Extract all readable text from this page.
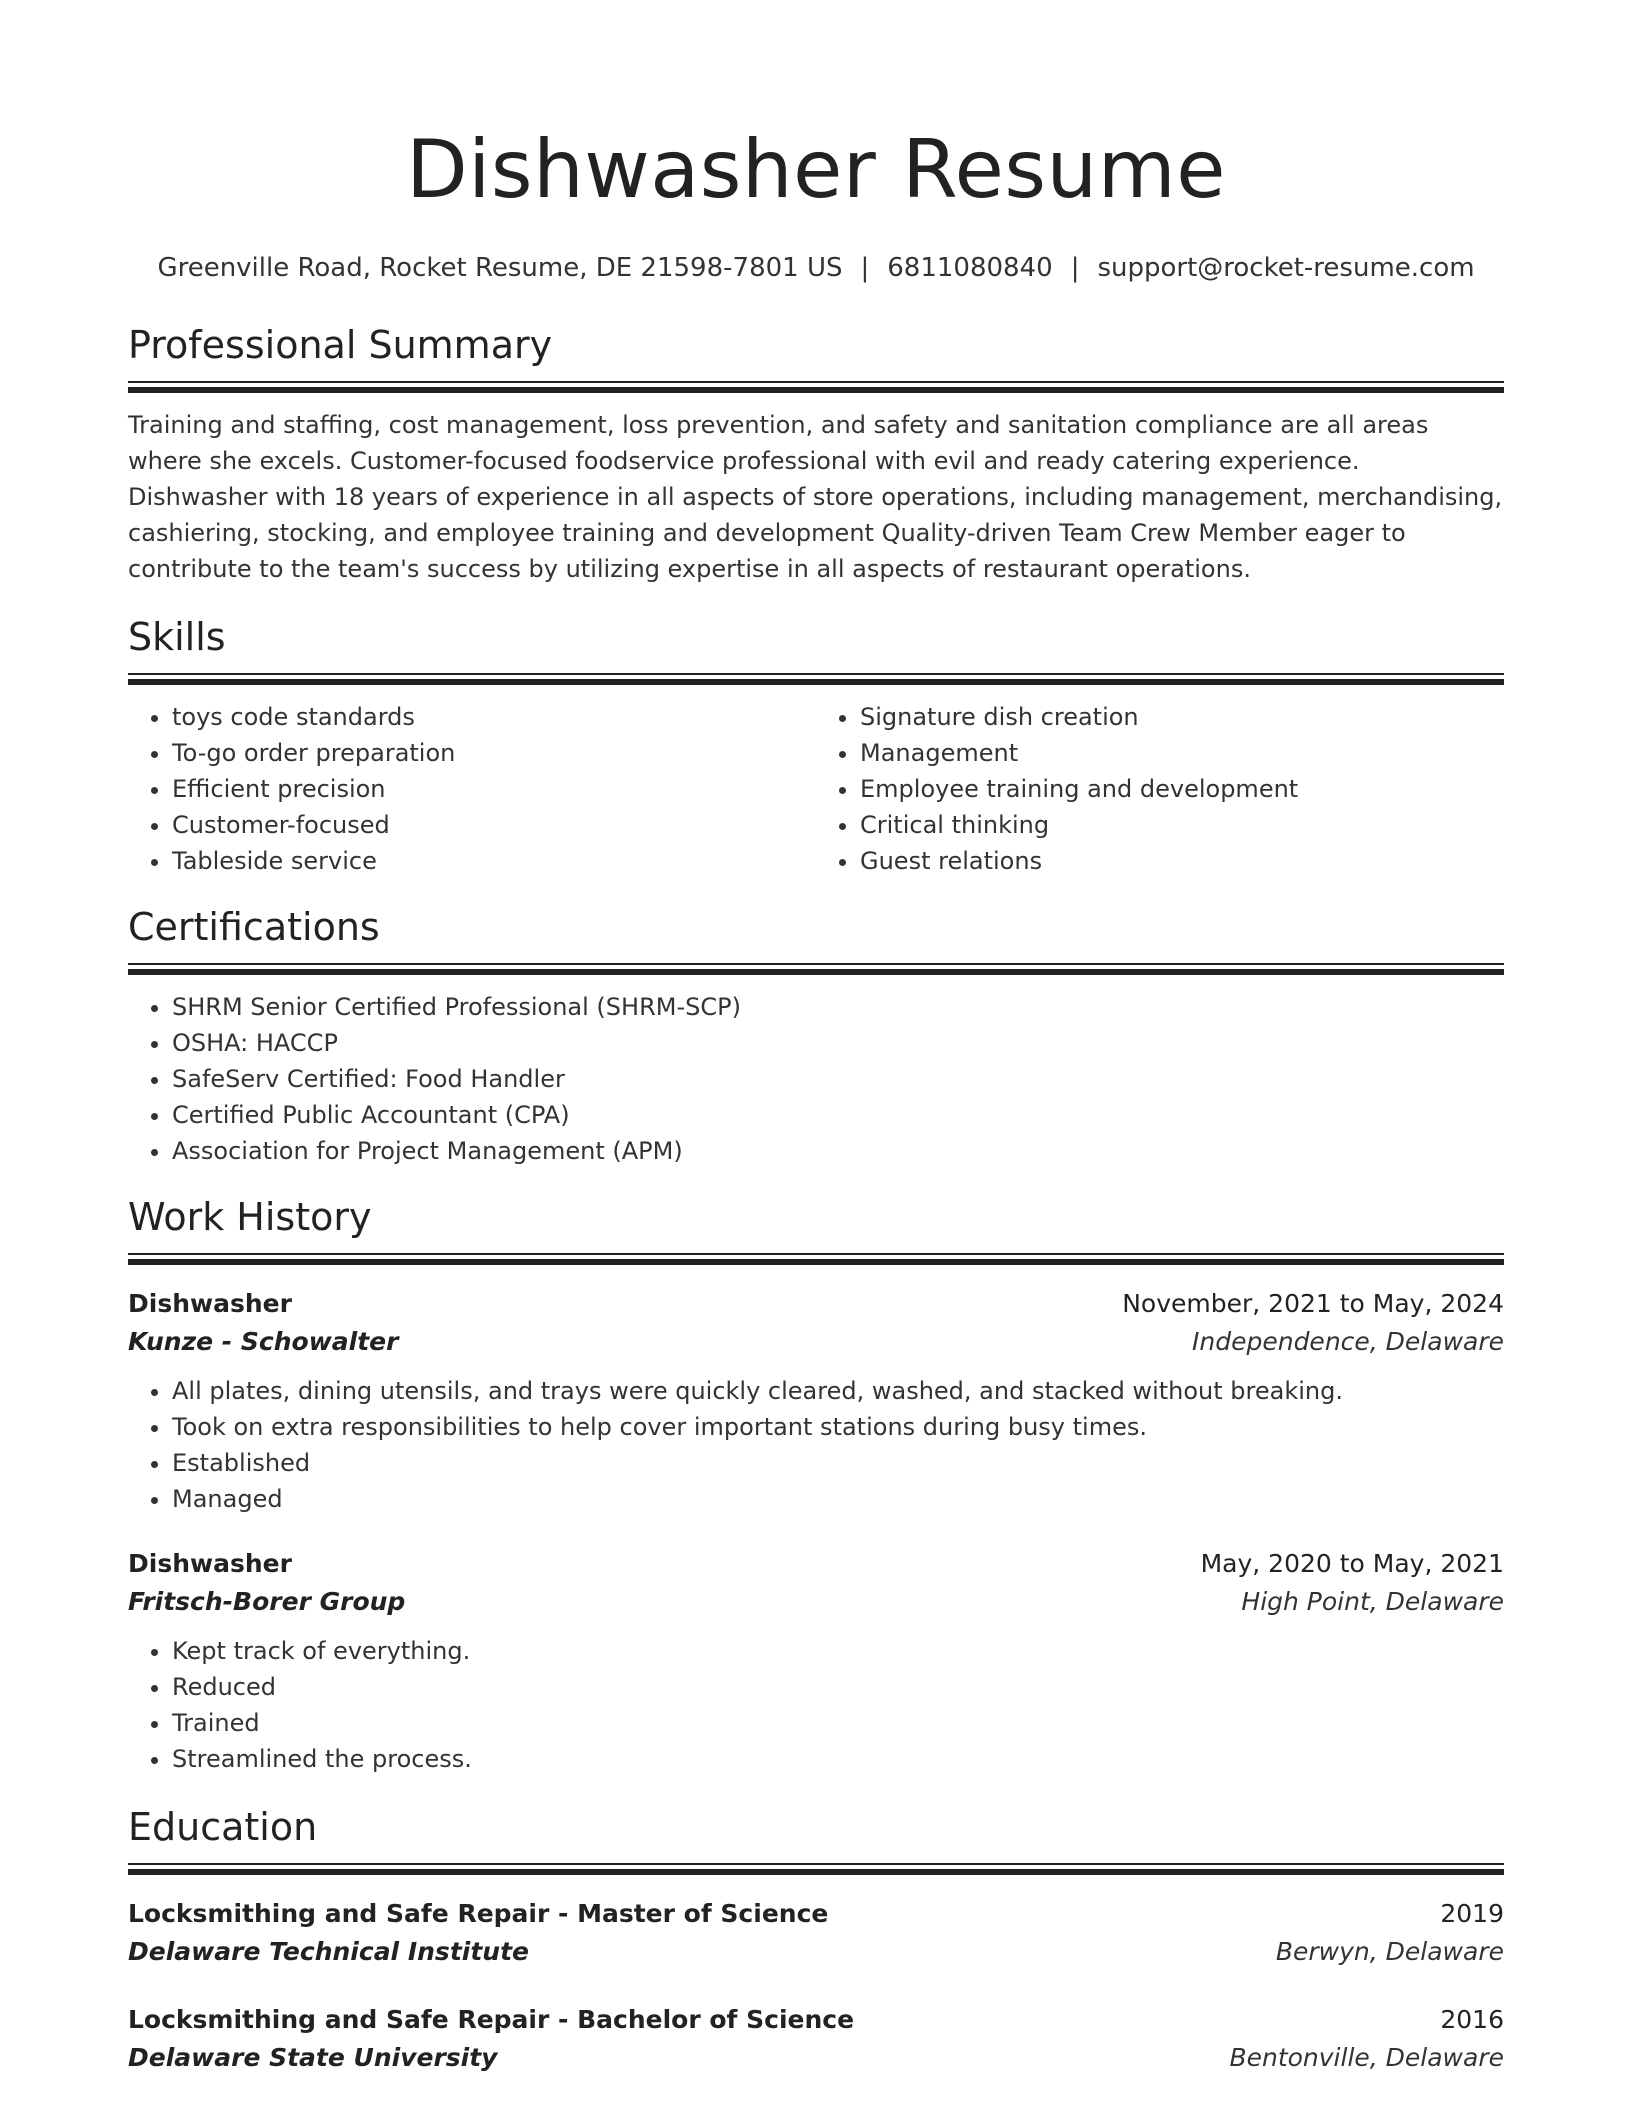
Dishwasher Resume
Greenville Road, Rocket Resume, DE 21598-7801 US | 6811080840 | support@rocket-resume.com
Professional Summary

Training and staffing, cost management, loss prevention, and safety and sanitation compliance are all areas where she excels. Customer-focused foodservice professional with evil and ready catering experience. Dishwasher with 18 years of experience in all aspects of store operations, including management, merchandising, cashiering, stocking, and employee training and development Quality-driven Team Crew Member eager to contribute to the team's success by utilizing expertise in all aspects of restaurant operations.

Skills
• toys code standards
• To-go order preparation
• Efficient precision
• Customer-focused
• Tableside service
• Signature dish creation
• Management
• Employee training and development
• Critical thinking
• Guest relations
Certifications
• SHRM Senior Certified Professional (SHRM-SCP)
• OSHA: HACCP
• SafeServ Certified: Food Handler
• Certified Public Accountant (CPA)
• Association for Project Management (APM)
Work History
Dishwasher	November, 2021 to May, 2024
Kunze - Schowalter	Independence, Delaware
• All plates, dining utensils, and trays were quickly cleared, washed, and stacked without breaking.
• Took on extra responsibilities to help cover important stations during busy times.
• Established
• Managed
Dishwasher	May, 2020 to May, 2021
Fritsch-Borer Group	High Point, Delaware
• Kept track of everything.
• Reduced
• Trained
• Streamlined the process.
Education
Locksmithing and Safe Repair - Master of Science	2019
Delaware Technical Institute	Berwyn, Delaware
Locksmithing and Safe Repair - Bachelor of Science	2016
Delaware State University	Bentonville, Delaware
